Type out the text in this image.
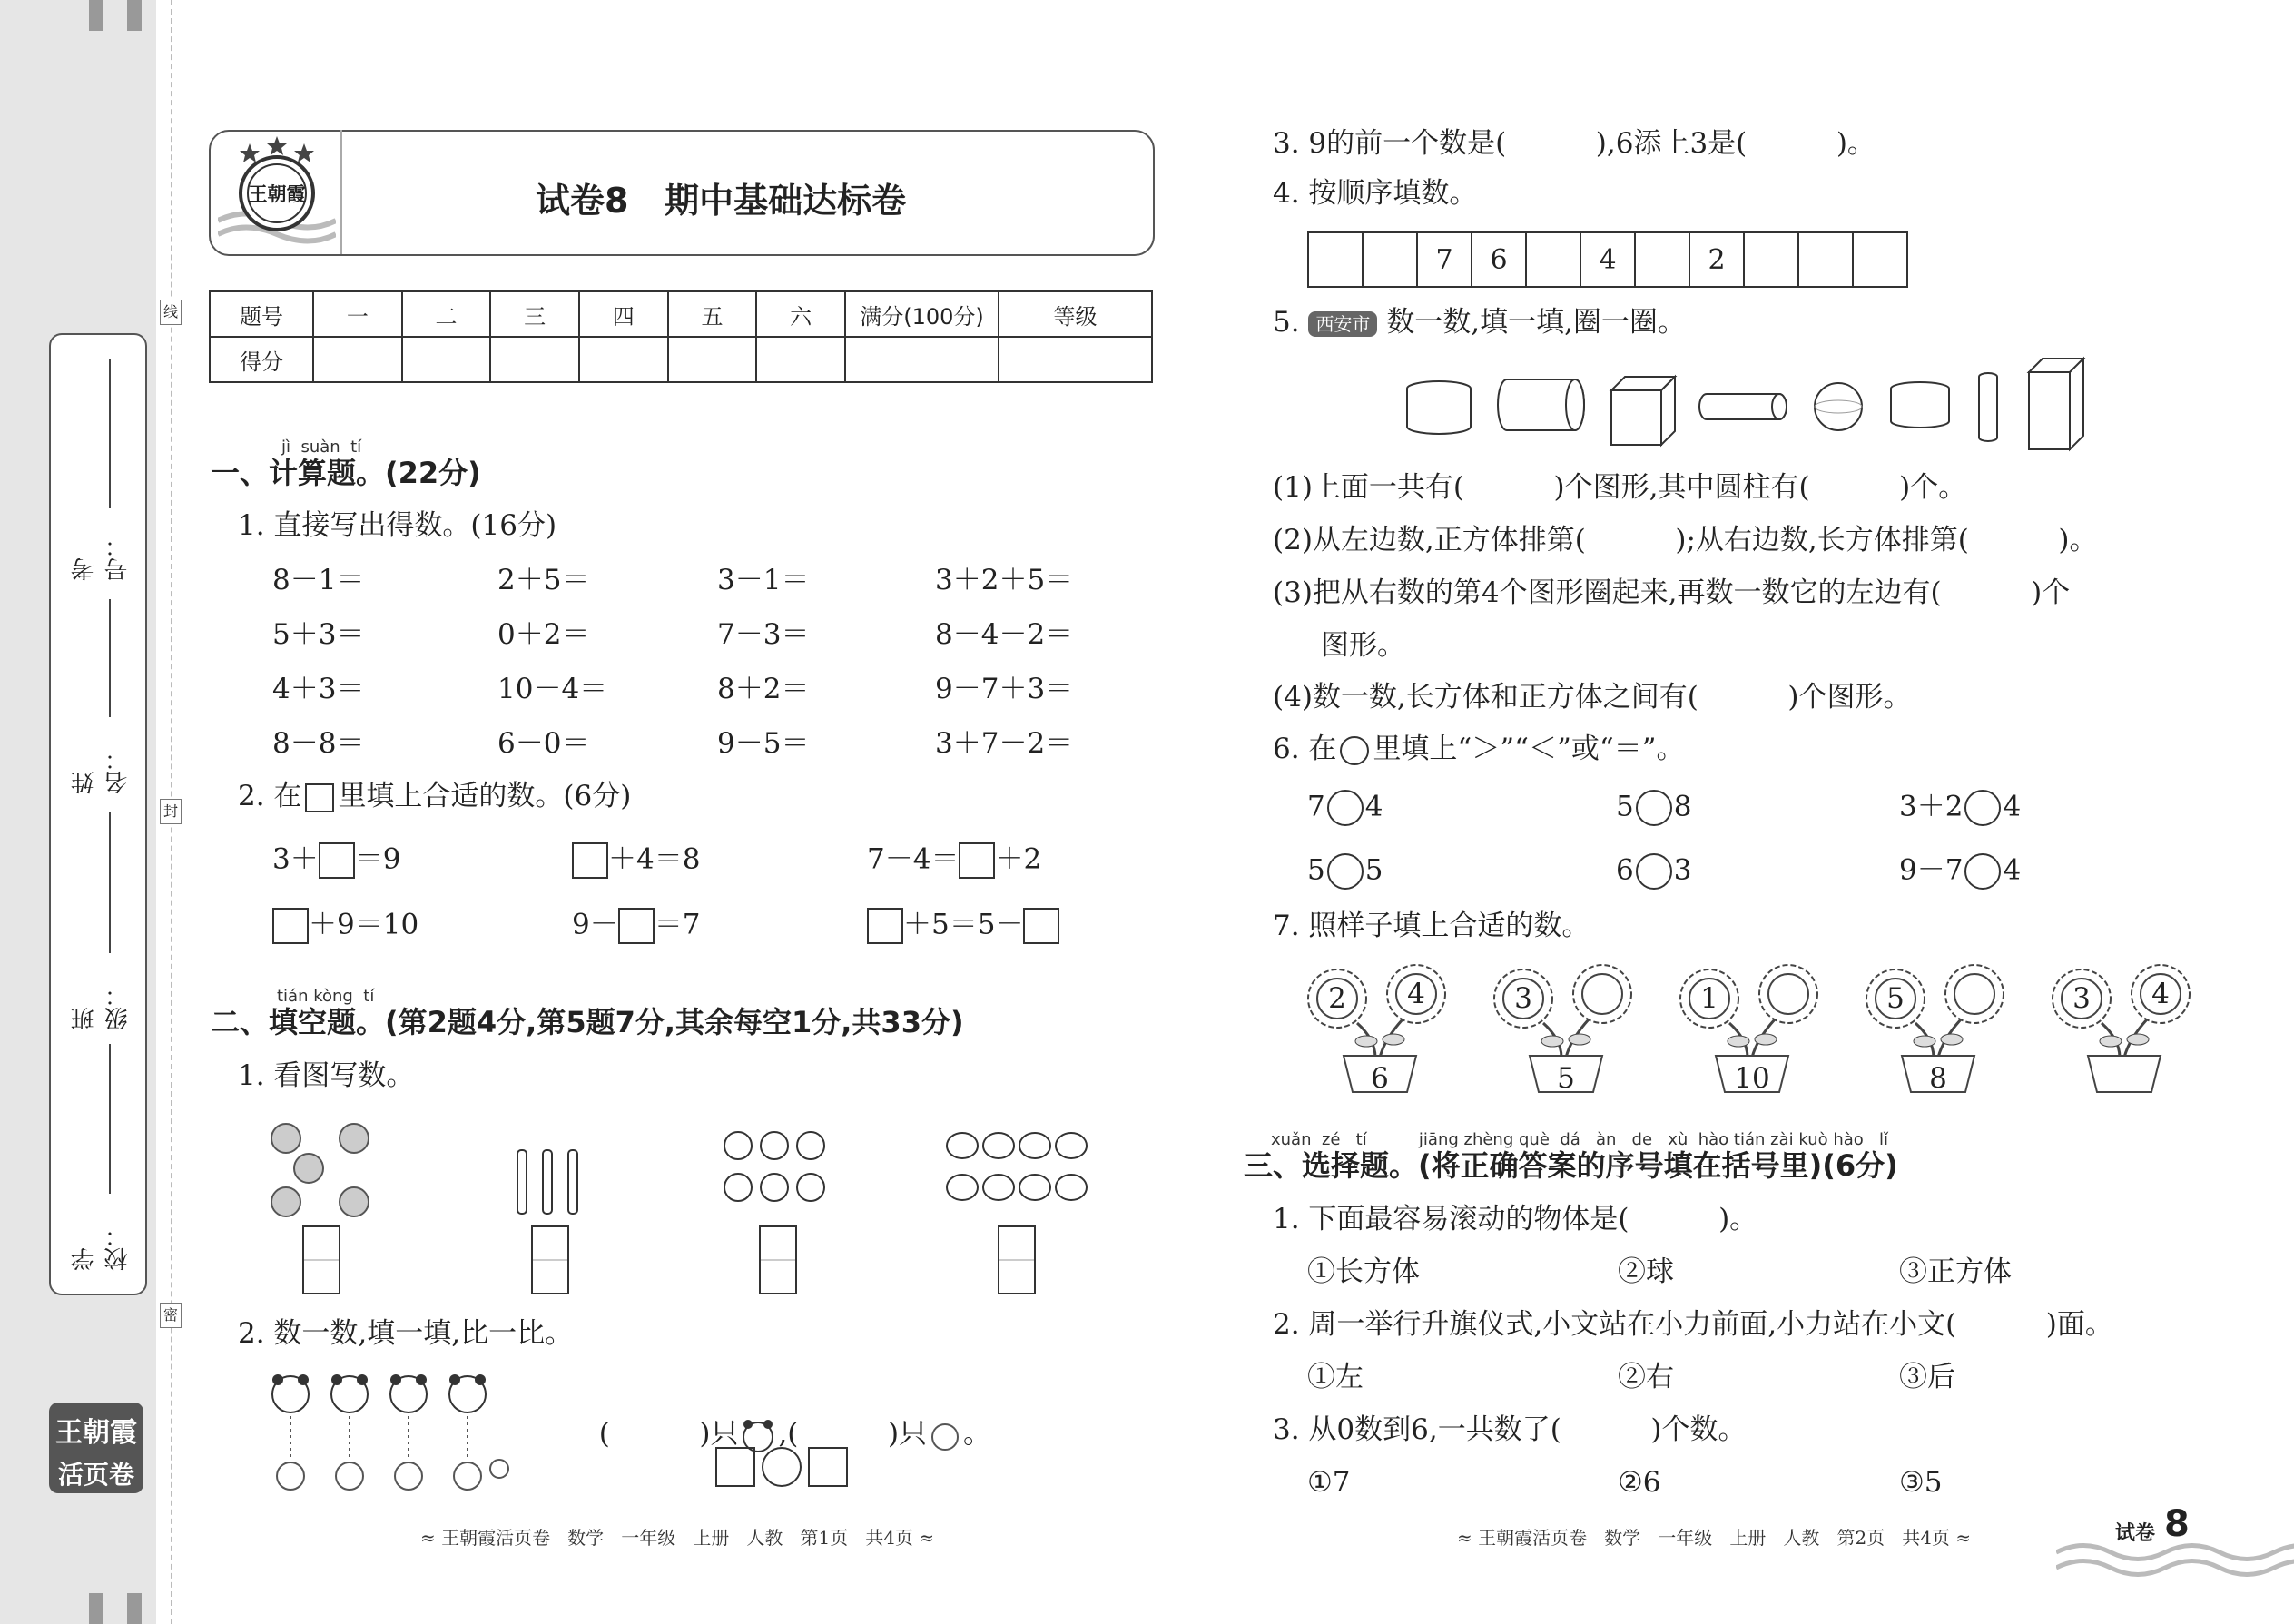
考号：
姓名：
班级：
学校：
线
封
密
王朝霞
活页卷
王朝霞	试卷8   期中基础达标卷
题号	一	二	三	四	五	六	满分(100分)	等级
得分								
jì  suàn  tí
一、计算题。(22分)
1. 直接写出得数。(16分)
8－1＝	2＋5＝	3－1＝	3＋2＋5＝
5＋3＝	0＋2＝	7－3＝	8－4－2＝
4＋3＝	10－4＝	8＋2＝	9－7＋3＝
8－8＝	6－0＝	9－5＝	3＋7－2＝
2. 在 里填上合适的数。(6分)
3＋ ＝9	＋4＝8	7－4＝ ＋2
＋9＝10	9－ ＝7	＋5＝5－
tián kòng  tí
二、填空题。(第2题4分,第5题7分,其余每空1分,共33分)
1. 看图写数。
2. 数一数,填一填,比一比。

(          )只 ,(          )只 。

≈ 王朝霞活页卷   数学   一年级   上册   人教   第1页   共4页 ≈
3. 9的前一个数是(          ),6添上3是(          )。
4. 按顺序填数。
		7	6		4		2			
5. 西安市 数一数,填一填,圈一圈。
(1)上面一共有(          )个图形,其中圆柱有(          )个。
(2)从左边数,正方体排第(          );从右边数,长方体排第(          )。
(3)把从右数的第4个图形圈起来,再数一数它的左边有(          )个
图形。
(4)数一数,长方体和正方体之间有(          )个图形。
6. 在 里填上“＞”“＜”或“＝”。
7 4	5 8	3＋2 4
5 5	6 3	9－7 4
7. 照样子填上合适的数。
2 4
6
3
5
1
10
5
8
3 4
xuǎn  zé   tí          jiāng zhèng què  dá   àn   de   xù  hào tián zài kuò hào   lǐ
三、选择题。(将正确答案的序号填在括号里)(6分)
1. 下面最容易滚动的物体是(          )。
①长方体	②球	③正方体
2. 周一举行升旗仪式,小文站在小力前面,小力站在小文(          )面。
①左	②右	③后
3. 从0数到6,一共数了(          )个数。
①7	②6	③5
≈ 王朝霞活页卷   数学   一年级   上册   人教   第2页   共4页 ≈	试卷 8
